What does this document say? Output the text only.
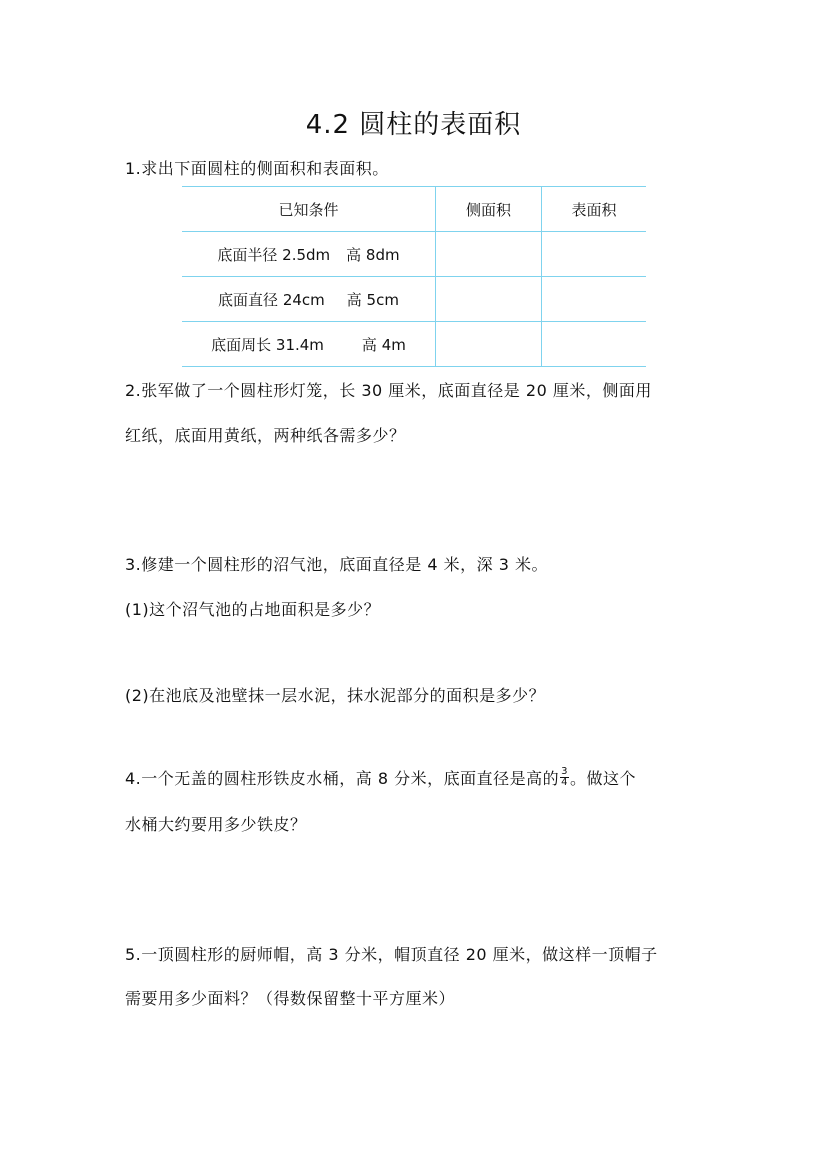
4.2 圆柱的表面积
1.求出下面圆柱的侧面积和表面积。
已知条件	侧面积	表面积
底面半径 2.5dm 高 8dm		
底面直径 24cm 高 5cm		
底面周长 31.4m 高 4m		
2.张军做了一个圆柱形灯笼，长 30 厘米，底面直径是 20 厘米，侧面用
红纸，底面用黄纸，两种纸各需多少？
3.修建一个圆柱形的沼气池，底面直径是 4 米，深 3 米。
(1)这个沼气池的占地面积是多少？
(2)在池底及池壁抹一层水泥，抹水泥部分的面积是多少？
4.一个无盖的圆柱形铁皮水桶，高 8 分米，底面直径是高的 $\frac{3}{4}$ 。做这个
水桶大约要用多少铁皮？
5.一顶圆柱形的厨师帽，高 3 分米，帽顶直径 20 厘米，做这样一顶帽子
需要用多少面料？（得数保留整十平方厘米）
